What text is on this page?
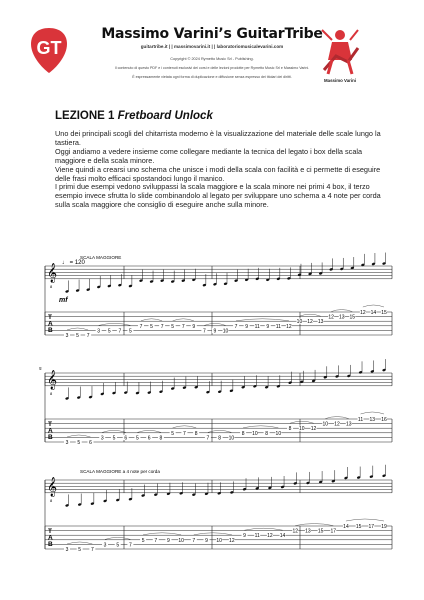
GT
Massimo Varini’s GuitarTribe
guitartribe.it | | massimovarini.it | | laboratoriomusicalevarini.com
Copyright © 2024 Rymetto Music Srl - Publishing.
Il contenuto di questo PDF e i contenuti esclusivi dei corsi e delle lezioni prodotte per Rymetto Music Srl e Massimo Varini.
È espressamente vietata ogni forma di duplicazione e diffusione senza espresso dei titolari dei diritti.
Massimo Varini
LEZIONE 1 Fretboard Unlock

Uno dei principali scogli del chitarrista moderno è la visualizzazione del materiale delle scale lungo la tastiera.

Oggi andiamo a vedere insieme come collegare mediante la tecnica del legato i box della scala maggiore e della scala minore.

Viene quindi a crearsi uno schema che unisce i modi della scala con facilità e ci permette di eseguire delle frasi molto efficaci spostandoci lungo il manico.

I primi due esempi vedono sviluppassi la scala maggiore e la scala minore nei primi 4 box, il terzo esempio invece sfrutta lo slide combinandolo al legato per sviluppare uno schema a 4 note per corda sulla scala maggiore che consiglio di eseguire anche sulla minore.

♩ = 120
𝄞
8
SCALA MAGGIORE
mf
T
A
B
3 5 7
3 5 7 5
7 5 7 5 7 9
7 9 10
7 9 11 9 11 12
10 12 13
12 13 15
12 14 15
𝄞
8
5
T
A
B
3 5 6
3 5 6 5 6 8
5 7 8
7 8 10
8 10 8 10
8 10 12
10 12 13
11 13 16
𝄞
8
SCALA MAGGIORE a 4 note per corda
T
A
B
3 5 7
3 5 7
5 7 9 10 7 9 10 12
9 11 12 14
12 13 15 17
14 15 17 19
